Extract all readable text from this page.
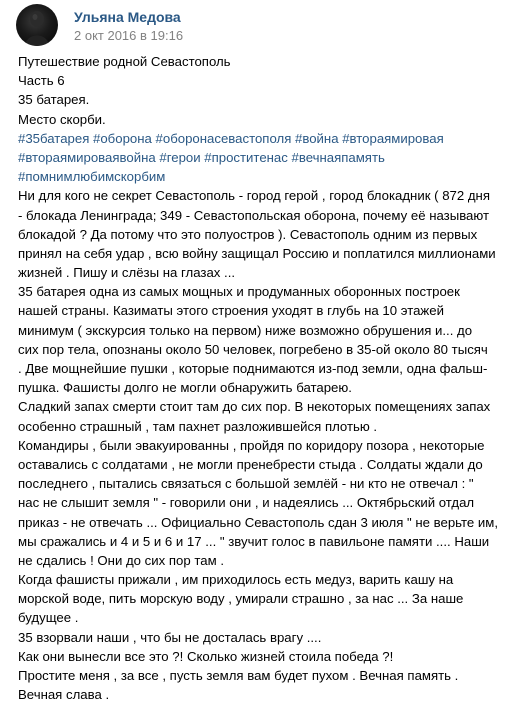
Ульяна Медова
2 окт 2016 в 19:16
Путешествие родной Севастополь
Часть 6
35 батарея.
Место скорби.
#35батарея #оборона #оборонасевастополя #война #втораямировая
#втораямироваявойна #герои #проститенас #вечнаяпамять
#помнимлюбимскорбим
Ни для кого не секрет Севастополь - город герой , город блокадник ( 872 дня
- блокада Ленинграда; 349 - Севастопольская оборона, почему её называют
блокадой ? Да потому что это полуостров ). Севастополь одним из первых
принял на себя удар , всю войну защищал Россию и поплатился миллионами
жизней . Пишу и слёзы на глазах ...
35 батарея одна из самых мощных и продуманных оборонных построек
нашей страны. Казиматы этого строения уходят в глубь на 10 этажей
минимум ( экскурсия только на первом) ниже возможно обрушения и... до
сих пор тела, опознаны около 50 человек, погребено в 35-ой около 80 тысяч
. Две мощнейшие пушки , которые поднимаются из-под земли, одна фальш-
пушка. Фашисты долго не могли обнаружить батарею.
Сладкий запах смерти стоит там до сих пор. В некоторых помещениях запах
особенно страшный , там пахнет разложившейся плотью .
Командиры , были эвакуированны , пройдя по коридору позора , некоторые
оставались с солдатами , не могли пренебрести стыда . Солдаты ждали до
последнего , пытались связаться с большой землёй - ни кто не отвечал : "
нас не слышит земля " - говорили они , и надеялись ... Октябрьский отдал
приказ - не отвечать ... Официально Севастополь сдан 3 июля " не верьте им,
мы сражались и 4 и 5 и 6 и 17 ... " звучит голос в павильоне памяти .... Наши
не сдались ! Они до сих пор там .
Когда фашисты прижали , им приходилось есть медуз, варить кашу на
морской воде, пить морскую воду , умирали страшно , за нас ... За наше
будущее .
35 взорвали наши , что бы не досталась врагу ....
Как они вынесли все это ?! Сколько жизней стоила победа ?!
Простите меня , за все , пусть земля вам будет пухом . Вечная память .
Вечная слава .
